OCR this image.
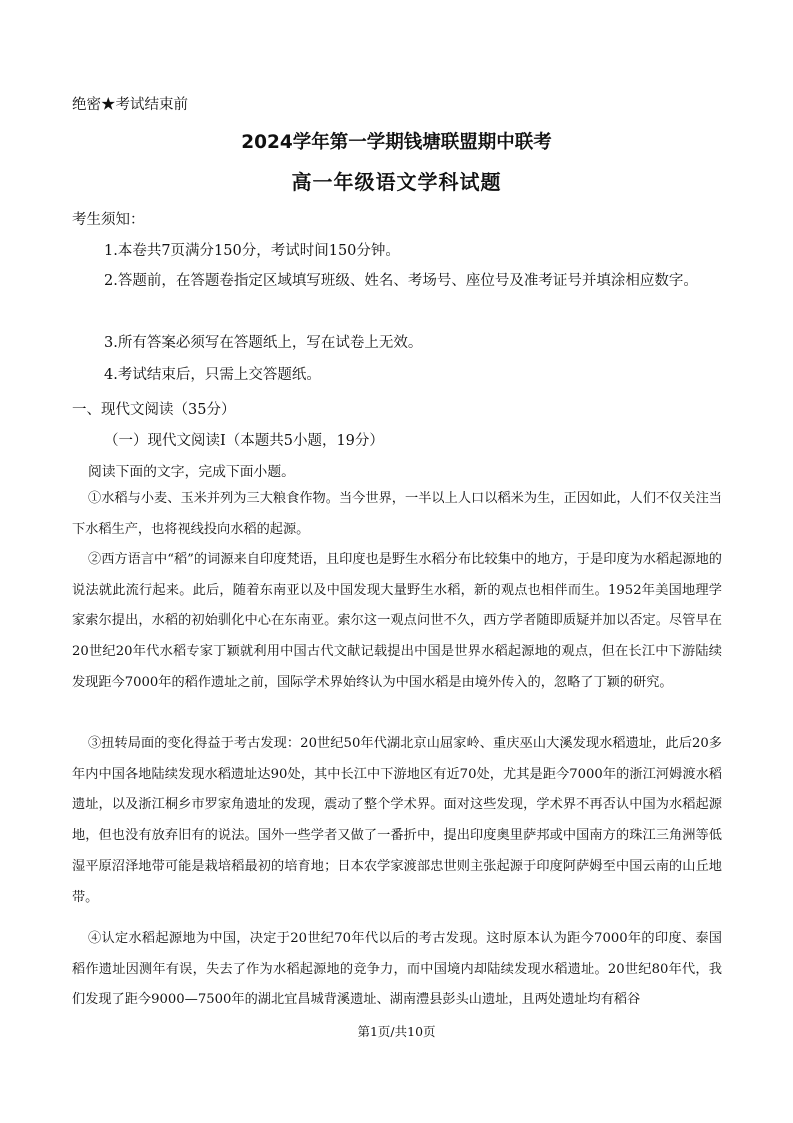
绝密★考试结束前
2024学年第一学期钱塘联盟期中联考
高一年级语文学科试题
考生须知：
1.本卷共7页满分150分，考试时间150分钟。
2.答题前，在答题卷指定区域填写班级、姓名、考场号、座位号及准考证号并填涂相应数字。
3.所有答案必须写在答题纸上，写在试卷上无效。
4.考试结束后，只需上交答题纸。
一、现代文阅读（35分）
（一）现代文阅读Ⅰ（本题共5小题，19分）
阅读下面的文字，完成下面小题。
①水稻与小麦、玉米并列为三大粮食作物。当今世界，一半以上人口以稻米为生，正因如此，人们不仅关注当下水稻生产，也将视线投向水稻的起源。
②西方语言中“稻”的词源来自印度梵语，且印度也是野生水稻分布比较集中的地方，于是印度为水稻起源地的说法就此流行起来。此后，随着东南亚以及中国发现大量野生水稻，新的观点也相伴而生。1952年美国地理学家索尔提出，水稻的初始驯化中心在东南亚。索尔这一观点问世不久，西方学者随即质疑并加以否定。尽管早在20世纪20年代水稻专家丁颖就利用中国古代文献记载提出中国是世界水稻起源地的观点，但在长江中下游陆续发现距今7000年的稻作遗址之前，国际学术界始终认为中国水稻是由境外传入的，忽略了丁颖的研究。
③扭转局面的变化得益于考古发现：20世纪50年代湖北京山屈家岭、重庆巫山大溪发现水稻遗址，此后20多年内中国各地陆续发现水稻遗址达90处，其中长江中下游地区有近70处，尤其是距今7000年的浙江河姆渡水稻遗址，以及浙江桐乡市罗家角遗址的发现，震动了整个学术界。面对这些发现，学术界不再否认中国为水稻起源地，但也没有放弃旧有的说法。国外一些学者又做了一番折中，提出印度奥里萨邦或中国南方的珠江三角洲等低湿平原沼泽地带可能是栽培稻最初的培育地；日本农学家渡部忠世则主张起源于印度阿萨姆至中国云南的山丘地带。
④认定水稻起源地为中国，决定于20世纪70年代以后的考古发现。这时原本认为距今7000年的印度、泰国稻作遗址因测年有误，失去了作为水稻起源地的竞争力，而中国境内却陆续发现水稻遗址。20世纪80年代，我们发现了距今9000—7500年的湖北宜昌城背溪遗址、湖南澧县彭头山遗址，且两处遗址均有稻谷
第1页/共10页
